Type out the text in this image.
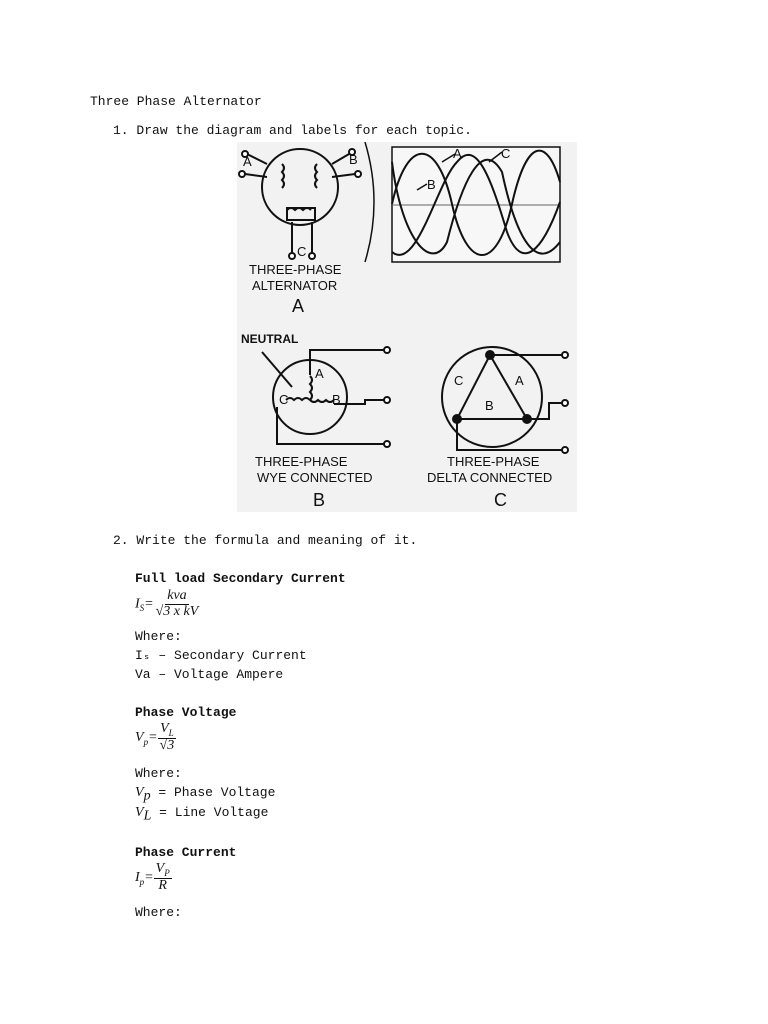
Three Phase Alternator
1. Draw the diagram and labels for each topic.
A	B
C
THREE-PHASE
ALTERNATOR
A
A
B
C
NEUTRAL
A
B
C
THREE-PHASE
WYE CONNECTED
B
A
B
C
THREE-PHASE
DELTA CONNECTED
C
2. Write the formula and meaning of it.
Full load Secondary Current
$I_S= \frac{\text{kva}}{\text{√3 x kV}}$
Where:
Iₛ – Secondary Current
Va – Voltage Ampere
Phase Voltage
$V_p= \frac{V_L}{√3}$
Where:
$V_p$ = Phase Voltage
$V_L$ = Line Voltage
Phase Current
$I_p= \frac{V_P}{R}$
Where:
